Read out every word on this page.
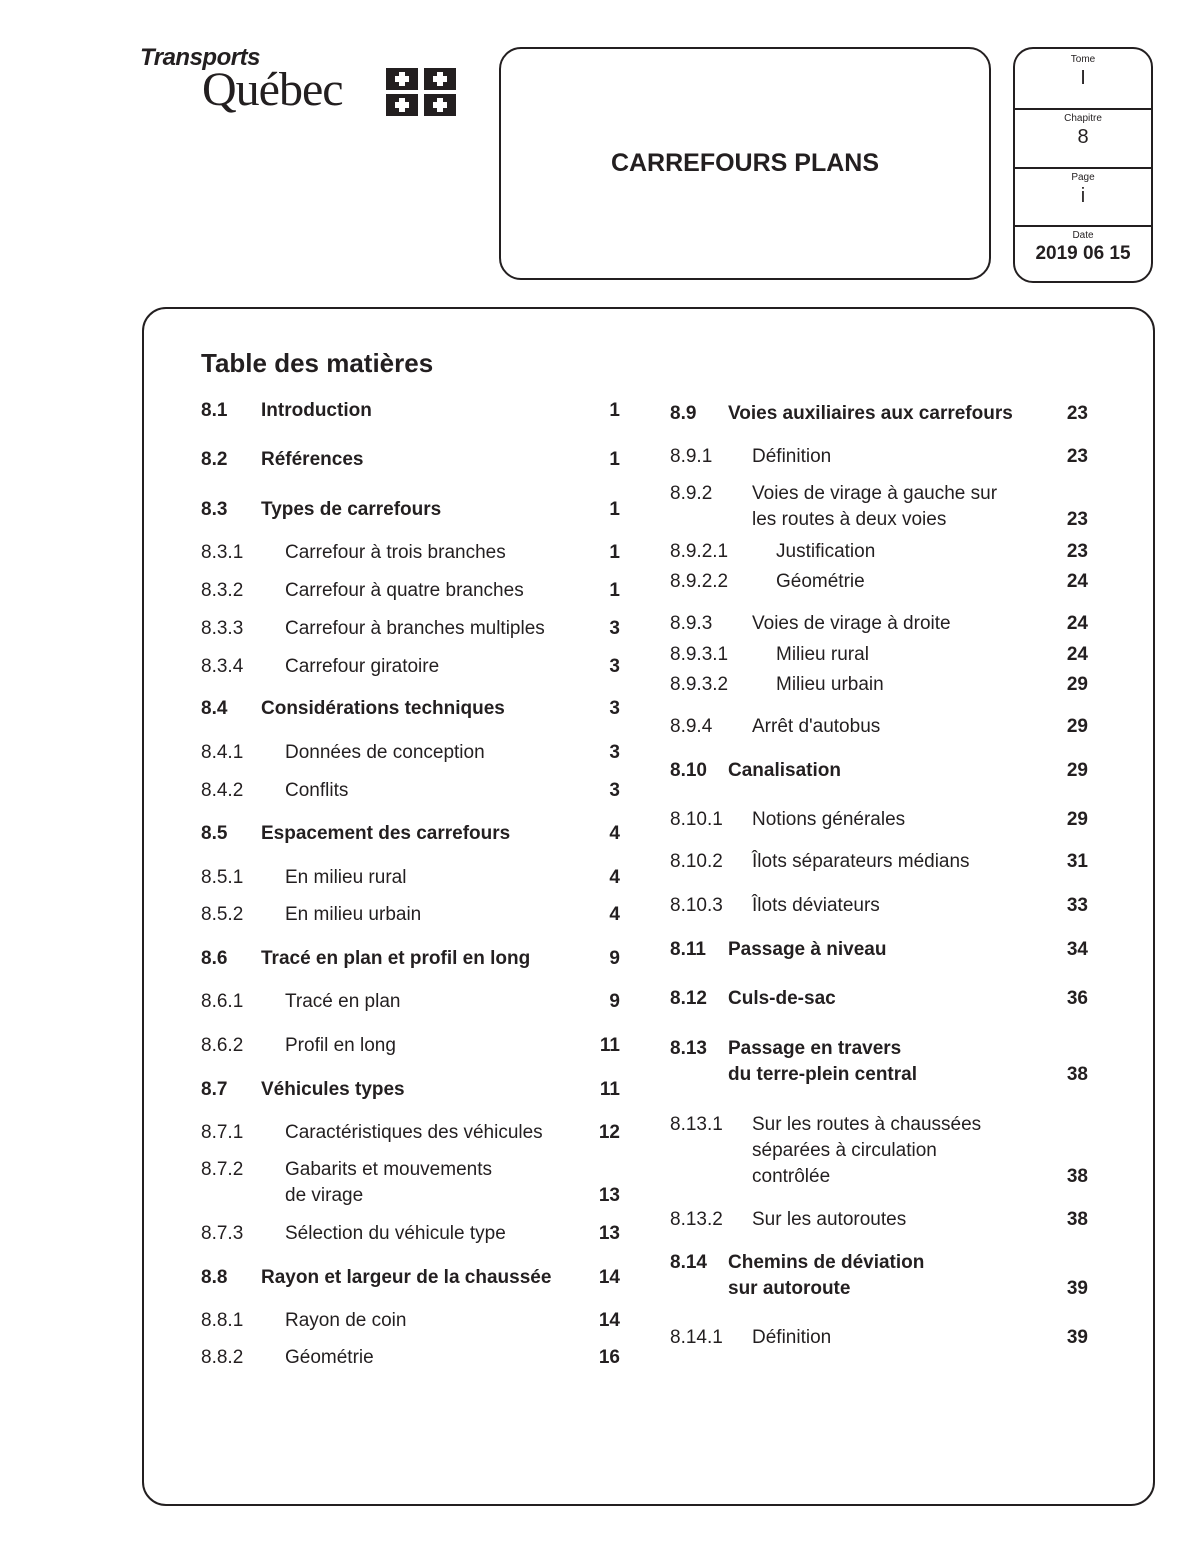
Transports
Québec
CARREFOURS PLANS
Tome
I
Chapitre
8
Page
i
Date
2019 06 15
Table des matières
8.1 Introduction	1
8.2 Références	1
8.3 Types de carrefours	1
8.3.1 Carrefour à trois branches	1
8.3.2 Carrefour à quatre branches	1
8.3.3 Carrefour à branches multiples	3
8.3.4 Carrefour giratoire	3
8.4 Considérations techniques	3
8.4.1 Données de conception	3
8.4.2 Conflits	3
8.5 Espacement des carrefours	4
8.5.1 En milieu rural	4
8.5.2 En milieu urbain	4
8.6 Tracé en plan et profil en long	9
8.6.1 Tracé en plan	9
8.6.2 Profil en long	11
8.7 Véhicules types	11
8.7.1 Caractéristiques des véhicules	12
8.7.2 Gabarits et mouvements
de virage	13
8.7.3 Sélection du véhicule type	13
8.8 Rayon et largeur de la chaussée	14
8.8.1 Rayon de coin	14
8.8.2 Géométrie	16
8.9 Voies auxiliaires aux carrefours	23
8.9.1 Définition	23
8.9.2 Voies de virage à gauche sur
les routes à deux voies	23
8.9.2.1	Justification	23
8.9.2.2	Géométrie	24
8.9.3 Voies de virage à droite	24
8.9.3.1	Milieu rural	24
8.9.3.2	Milieu urbain	29
8.9.4 Arrêt d'autobus	29
8.10 Canalisation	29
8.10.1 Notions générales	29
8.10.2 Îlots séparateurs médians	31
8.10.3 Îlots déviateurs	33
8.11 Passage à niveau	34
8.12 Culs-de-sac	36
8.13 Passage en travers
du terre-plein central	38
8.13.1 Sur les routes à chaussées
séparées à circulation
contrôlée	38
8.13.2 Sur les autoroutes	38
8.14 Chemins de déviation
sur autoroute	39
8.14.1 Définition	39
